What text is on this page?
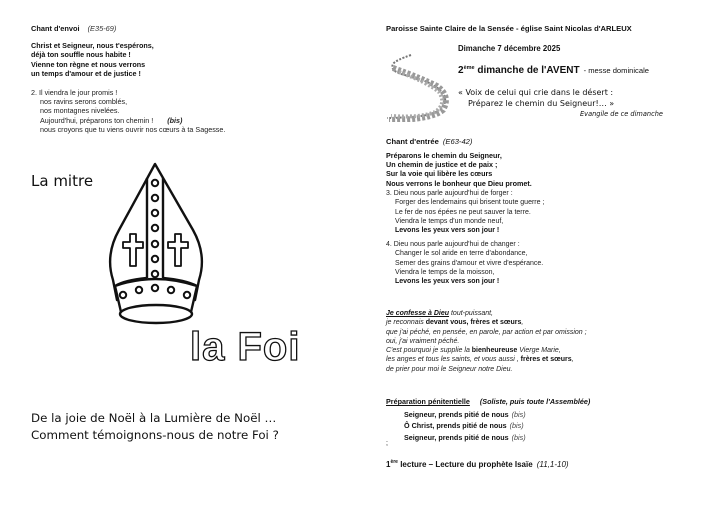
Chant d'envoi (E35-69)
Christ et Seigneur, nous t'espérons,
déjà ton souffle nous habite !
Vienne ton règne et nous verrons
un temps d'amour et de justice !
2. Il viendra le jour promis !
nos ravins serons comblés,
nos montagnes nivelées.
Aujourd'hui, préparons ton chemin ! (bis)
nous croyons que tu viens ouvrir nos cœurs à ta Sagesse.
La mitre
la Foi
De la joie de Noël à la Lumière de Noël …
Comment témoignons-nous de notre Foi ?
Paroisse Sainte Claire de la Sensée - église Saint Nicolas d'ARLEUX
Dimanche 7 décembre 2025
2ème dimanche de l'AVENT - messe dominicale
« Voix de celui qui crie dans le désert :
Préparez le chemin du Seigneur!… »
Evangile de ce dimanche
Chant d'entrée (E63-42)
Préparons le chemin du Seigneur,
Un chemin de justice et de paix ;
Sur la voie qui libère les cœurs
Nous verrons le bonheur que Dieu promet.
3. Dieu nous parle aujourd'hui de forger :
Forger des lendemains qui brisent toute guerre ;
Le fer de nos épées ne peut sauver la terre.
Viendra le temps d'un monde neuf,
Levons les yeux vers son jour !
4. Dieu nous parle aujourd'hui de changer :
Changer le sol aride en terre d'abondance,
Semer des grains d'amour et vivre d'espérance.
Viendra le temps de la moisson,
Levons les yeux vers son jour !
Je confesse à Dieu tout-puissant,
je reconnais devant vous, frères et sœurs,
que j'ai péché, en pensée, en parole, par action et par omission ;
oui, j'ai vraiment péché.
C'est pourquoi je supplie la bienheureuse Vierge Marie,
les anges et tous les saints, et vous aussi , frères et sœurs,
de prier pour moi le Seigneur notre Dieu.
Préparation pénitentielle (Soliste, puis toute l'Assemblée)
Seigneur, prends pitié de nous (bis)
Ô Christ, prends pitié de nous (bis)
Seigneur, prends pitié de nous (bis)
;
1ère lecture – Lecture du prophète Isaïe (11,1-10)
